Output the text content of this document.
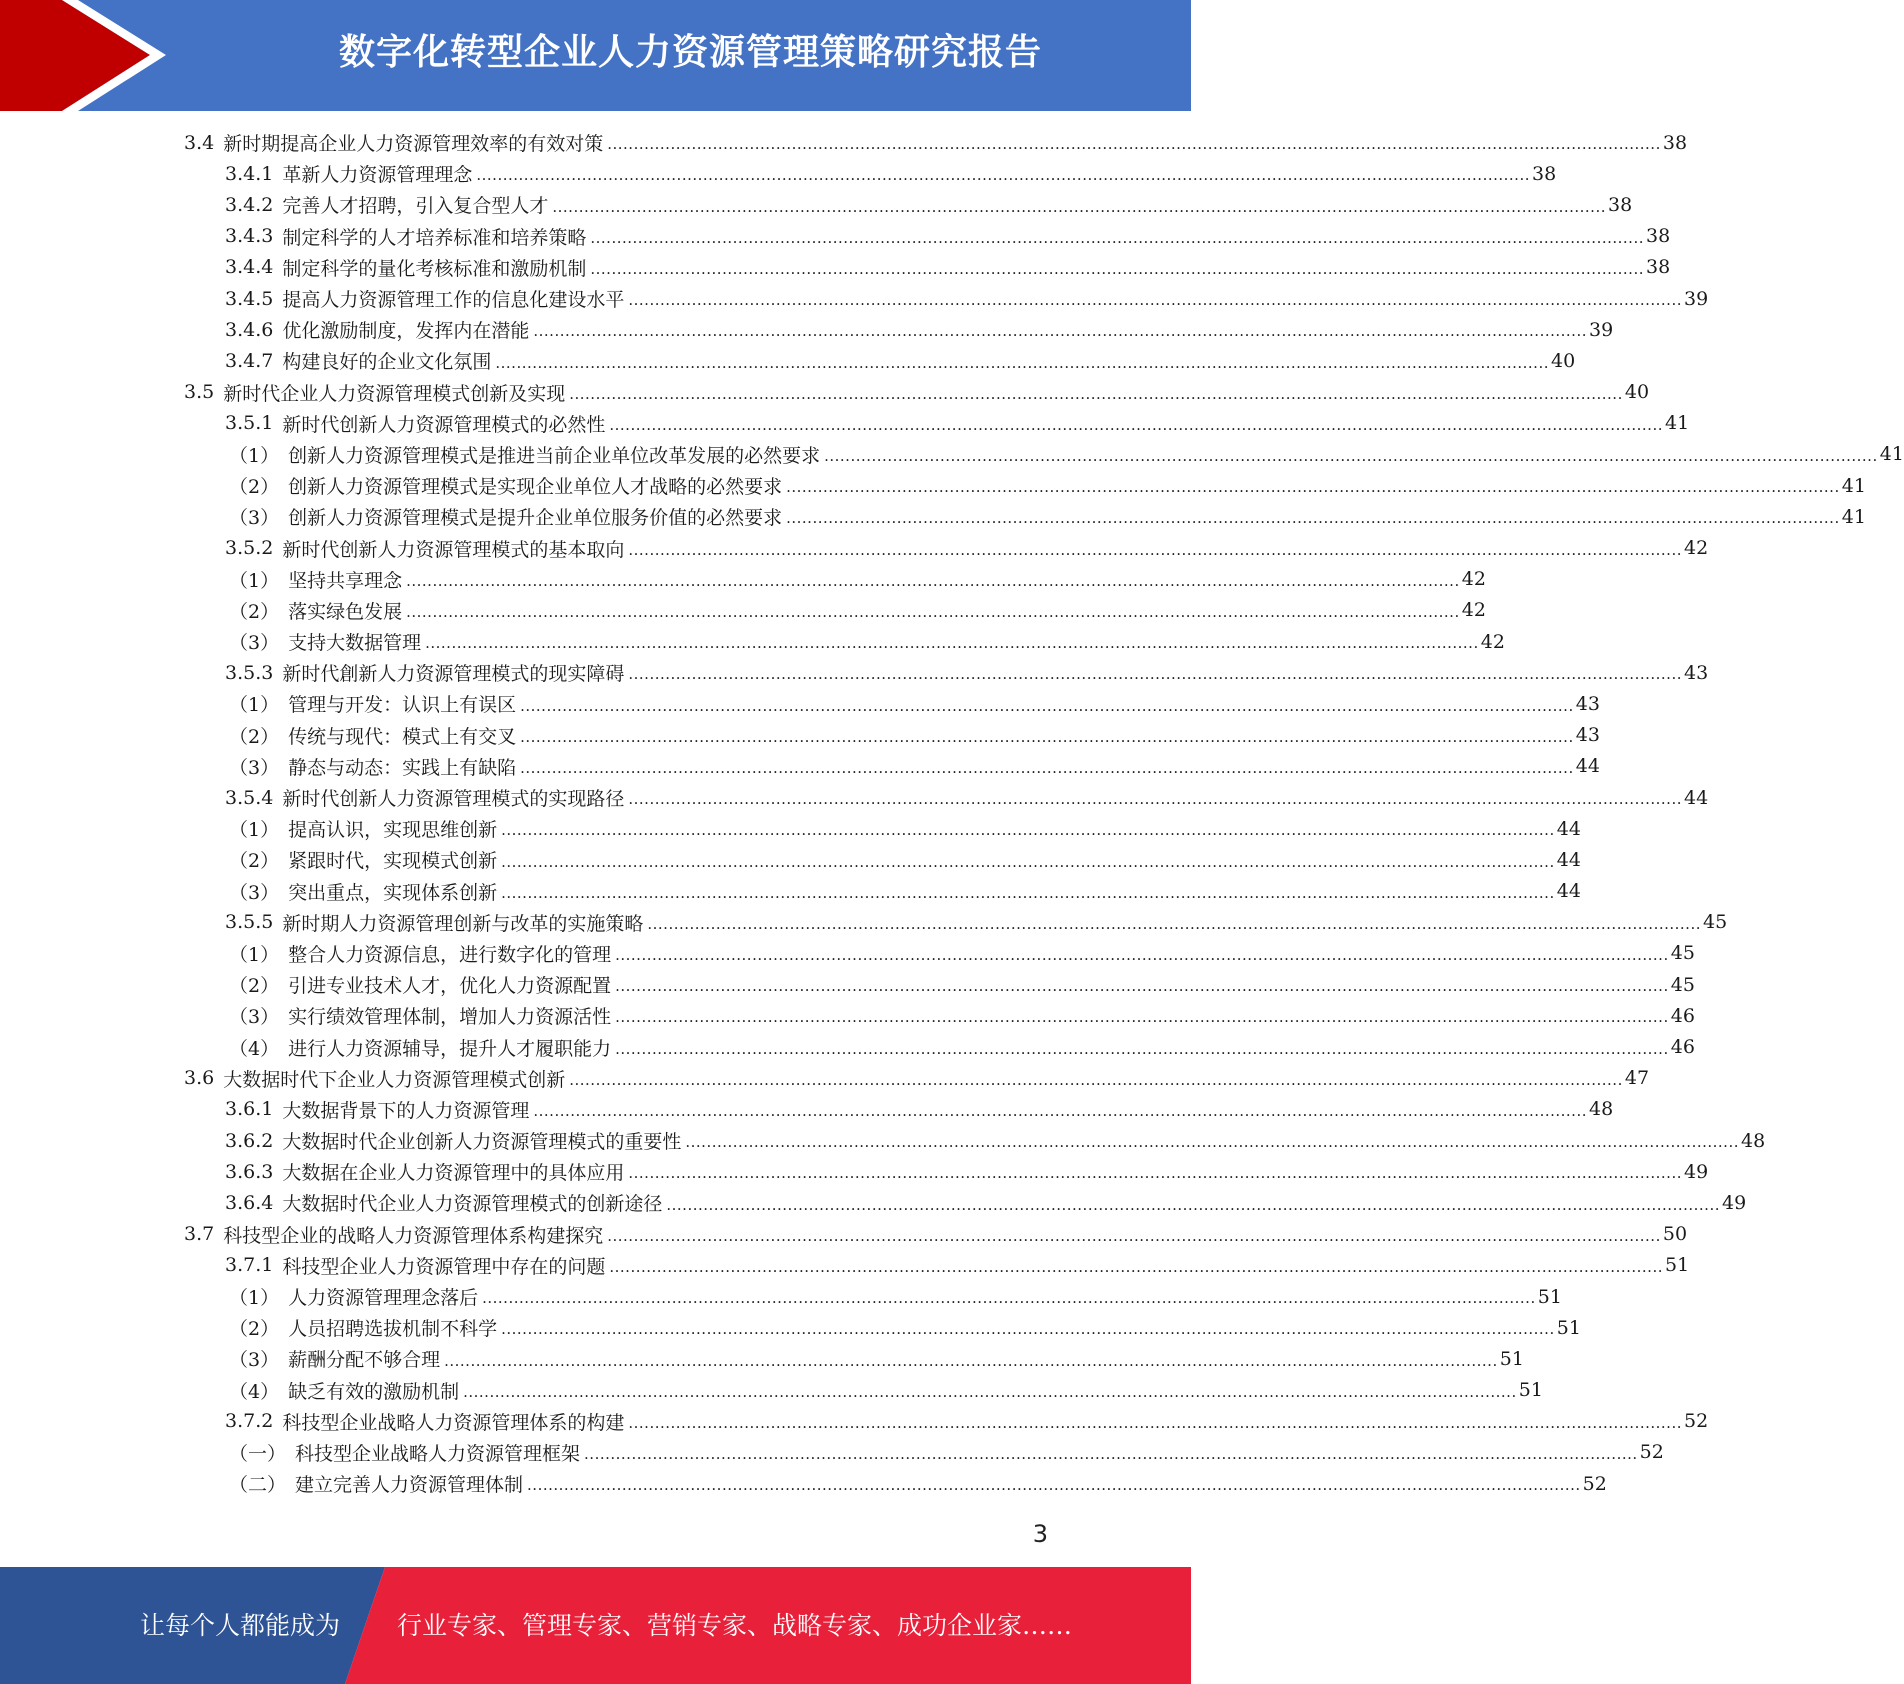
数字化转型企业人力资源管理策略研究报告
3.4 新时期提高企业人力资源管理效率的有效对策 ........................................................................................................................................................................................................ 38
3.4.1 革新人力资源管理理念 ........................................................................................................................................................................................................ 38
3.4.2 完善人才招聘，引入复合型人才 ........................................................................................................................................................................................................ 38
3.4.3 制定科学的人才培养标准和培养策略 ........................................................................................................................................................................................................ 38
3.4.4 制定科学的量化考核标准和激励机制 ........................................................................................................................................................................................................ 38
3.4.5 提高人力资源管理工作的信息化建设水平 ........................................................................................................................................................................................................ 39
3.4.6 优化激励制度，发挥内在潜能 ........................................................................................................................................................................................................ 39
3.4.7 构建良好的企业文化氛围 ........................................................................................................................................................................................................ 40
3.5 新时代企业人力资源管理模式创新及实现 ........................................................................................................................................................................................................ 40
3.5.1 新时代创新人力资源管理模式的必然性 ........................................................................................................................................................................................................ 41
（1） 创新人力资源管理模式是推进当前企业单位改革发展的必然要求 ........................................................................................................................................................................................................ 41
（2） 创新人力资源管理模式是实现企业单位人才战略的必然要求 ........................................................................................................................................................................................................ 41
（3） 创新人力资源管理模式是提升企业单位服务价值的必然要求 ........................................................................................................................................................................................................ 41
3.5.2 新时代创新人力资源管理模式的基本取向 ........................................................................................................................................................................................................ 42
（1） 坚持共享理念 ........................................................................................................................................................................................................ 42
（2） 落实绿色发展 ........................................................................................................................................................................................................ 42
（3） 支持大数据管理 ........................................................................................................................................................................................................ 42
3.5.3 新时代創新人力资源管理模式的现实障碍 ........................................................................................................................................................................................................ 43
（1） 管理与开发：认识上有误区 ........................................................................................................................................................................................................ 43
（2） 传统与现代：模式上有交叉 ........................................................................................................................................................................................................ 43
（3） 静态与动态：实践上有缺陷 ........................................................................................................................................................................................................ 44
3.5.4 新时代创新人力资源管理模式的实现路径 ........................................................................................................................................................................................................ 44
（1） 提高认识，实现思维创新 ........................................................................................................................................................................................................ 44
（2） 紧跟时代，实现模式创新 ........................................................................................................................................................................................................ 44
（3） 突出重点，实现体系创新 ........................................................................................................................................................................................................ 44
3.5.5 新时期人力资源管理创新与改革的实施策略 ........................................................................................................................................................................................................ 45
（1） 整合人力资源信息，进行数字化的管理 ........................................................................................................................................................................................................ 45
（2） 引进专业技术人才，优化人力资源配置 ........................................................................................................................................................................................................ 45
（3） 实行绩效管理体制，增加人力资源活性 ........................................................................................................................................................................................................ 46
（4） 进行人力资源辅导，提升人才履职能力 ........................................................................................................................................................................................................ 46
3.6 大数据时代下企业人力资源管理模式创新 ........................................................................................................................................................................................................ 47
3.6.1 大数据背景下的人力资源管理 ........................................................................................................................................................................................................ 48
3.6.2 大数据时代企业创新人力资源管理模式的重要性 ........................................................................................................................................................................................................ 48
3.6.3 大数据在企业人力资源管理中的具体应用 ........................................................................................................................................................................................................ 49
3.6.4 大数据时代企业人力资源管理模式的创新途径 ........................................................................................................................................................................................................ 49
3.7 科技型企业的战略人力资源管理体系构建探究 ........................................................................................................................................................................................................ 50
3.7.1 科技型企业人力资源管理中存在的问题 ........................................................................................................................................................................................................ 51
（1） 人力资源管理理念落后 ........................................................................................................................................................................................................ 51
（2） 人员招聘选拔机制不科学 ........................................................................................................................................................................................................ 51
（3） 薪酬分配不够合理 ........................................................................................................................................................................................................ 51
（4） 缺乏有效的激励机制 ........................................................................................................................................................................................................ 51
3.7.2 科技型企业战略人力资源管理体系的构建 ........................................................................................................................................................................................................ 52
（一） 科技型企业战略人力资源管理框架 ........................................................................................................................................................................................................ 52
（二） 建立完善人力资源管理体制 ........................................................................................................................................................................................................ 52
3
让每个人都能成为 行业专家、管理专家、营销专家、战略专家、成功企业家……
